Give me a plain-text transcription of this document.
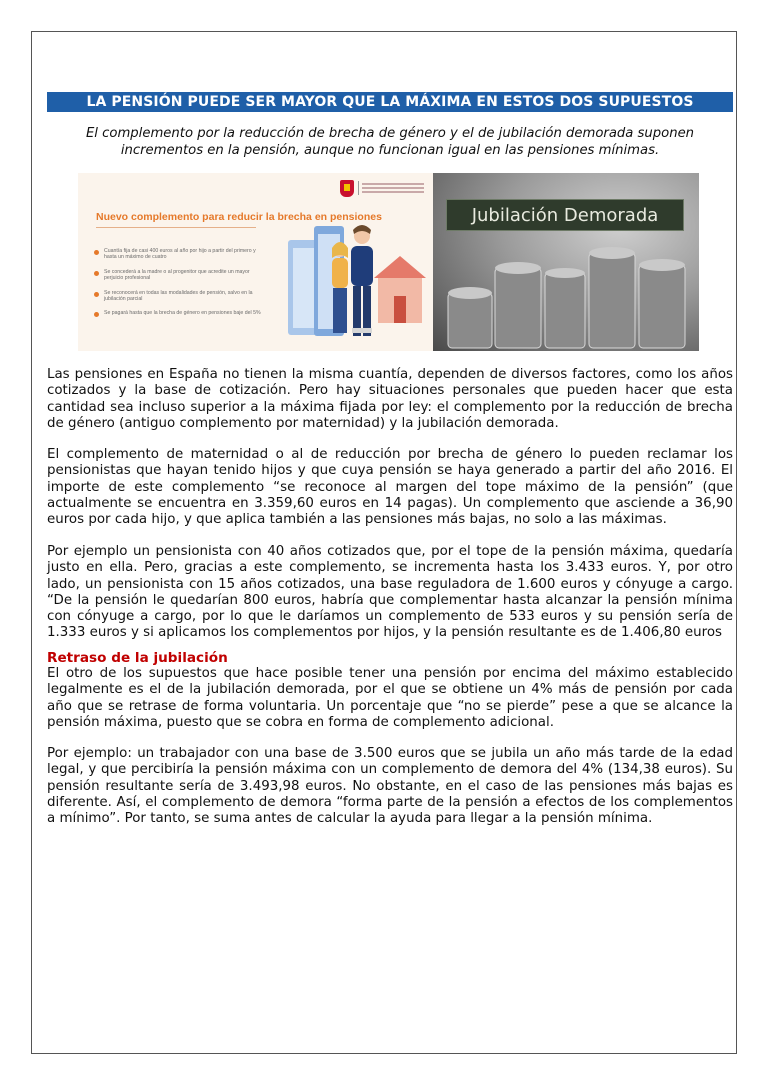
LA PENSIÓN PUEDE SER MAYOR QUE LA MÁXIMA EN ESTOS DOS SUPUESTOS
El complemento por la reducción de brecha de género y el de jubilación demorada suponen incrementos en la pensión, aunque no funcionan igual en las pensiones mínimas.
Nuevo complemento para reducir la brecha en pensiones
Cuantía fija de casi 400 euros al año por hijo a partir del primero y hasta un máximo de cuatro
Se concederá a la madre o al progenitor que acredite un mayor perjuicio profesional
Se reconocerá en todas las modalidades de pensión, salvo en la jubilación parcial
Se pagará hasta que la brecha de género en pensiones baje del 5%
Jubilación Demorada
Las pensiones en España no tienen la misma cuantía, dependen de diversos factores, como los años cotizados y la base de cotización. Pero hay situaciones personales que pueden hacer que esta cantidad sea incluso superior a la máxima fijada por ley: el complemento por la reducción de brecha de género (antiguo complemento por maternidad) y la jubilación demorada.
El complemento de maternidad o al de reducción por brecha de género lo pueden reclamar los pensionistas que hayan tenido hijos y que cuya pensión se haya generado a partir del año 2016. El importe de este complemento “se reconoce al margen del tope máximo de la pensión” (que actualmente se encuentra en 3.359,60 euros en 14 pagas). Un complemento que asciende a 36,90 euros por cada hijo, y que aplica también a las pensiones más bajas, no solo a las máximas.
Por ejemplo un pensionista con 40 años cotizados que, por el tope de la pensión máxima, quedaría justo en ella. Pero, gracias a este complemento, se incrementa hasta los 3.433 euros. Y, por otro lado, un pensionista con 15 años cotizados, una base reguladora de 1.600 euros y cónyuge a cargo. “De la pensión le quedarían 800 euros, habría que complementar hasta alcanzar la pensión mínima con cónyuge a cargo, por lo que le daríamos un complemento de 533 euros y su pensión sería de 1.333 euros y si aplicamos los complementos por hijos, y la pensión resultante es de 1.406,80 euros
Retraso de la jubilación
El otro de los supuestos que hace posible tener una pensión por encima del máximo establecido legalmente es el de la jubilación demorada, por el que se obtiene un 4% más de pensión por cada año que se retrase de forma voluntaria. Un porcentaje que “no se pierde” pese a que se alcance la pensión máxima, puesto que se cobra en forma de complemento adicional.
Por ejemplo: un trabajador con una base de 3.500 euros que se jubila un año más tarde de la edad legal, y que percibiría la pensión máxima con un complemento de demora del 4% (134,38 euros). Su pensión resultante sería de 3.493,98 euros. No obstante, en el caso de las pensiones más bajas es diferente. Así, el complemento de demora “forma parte de la pensión a efectos de los complementos a mínimo”. Por tanto, se suma antes de calcular la ayuda para llegar a la pensión mínima.
